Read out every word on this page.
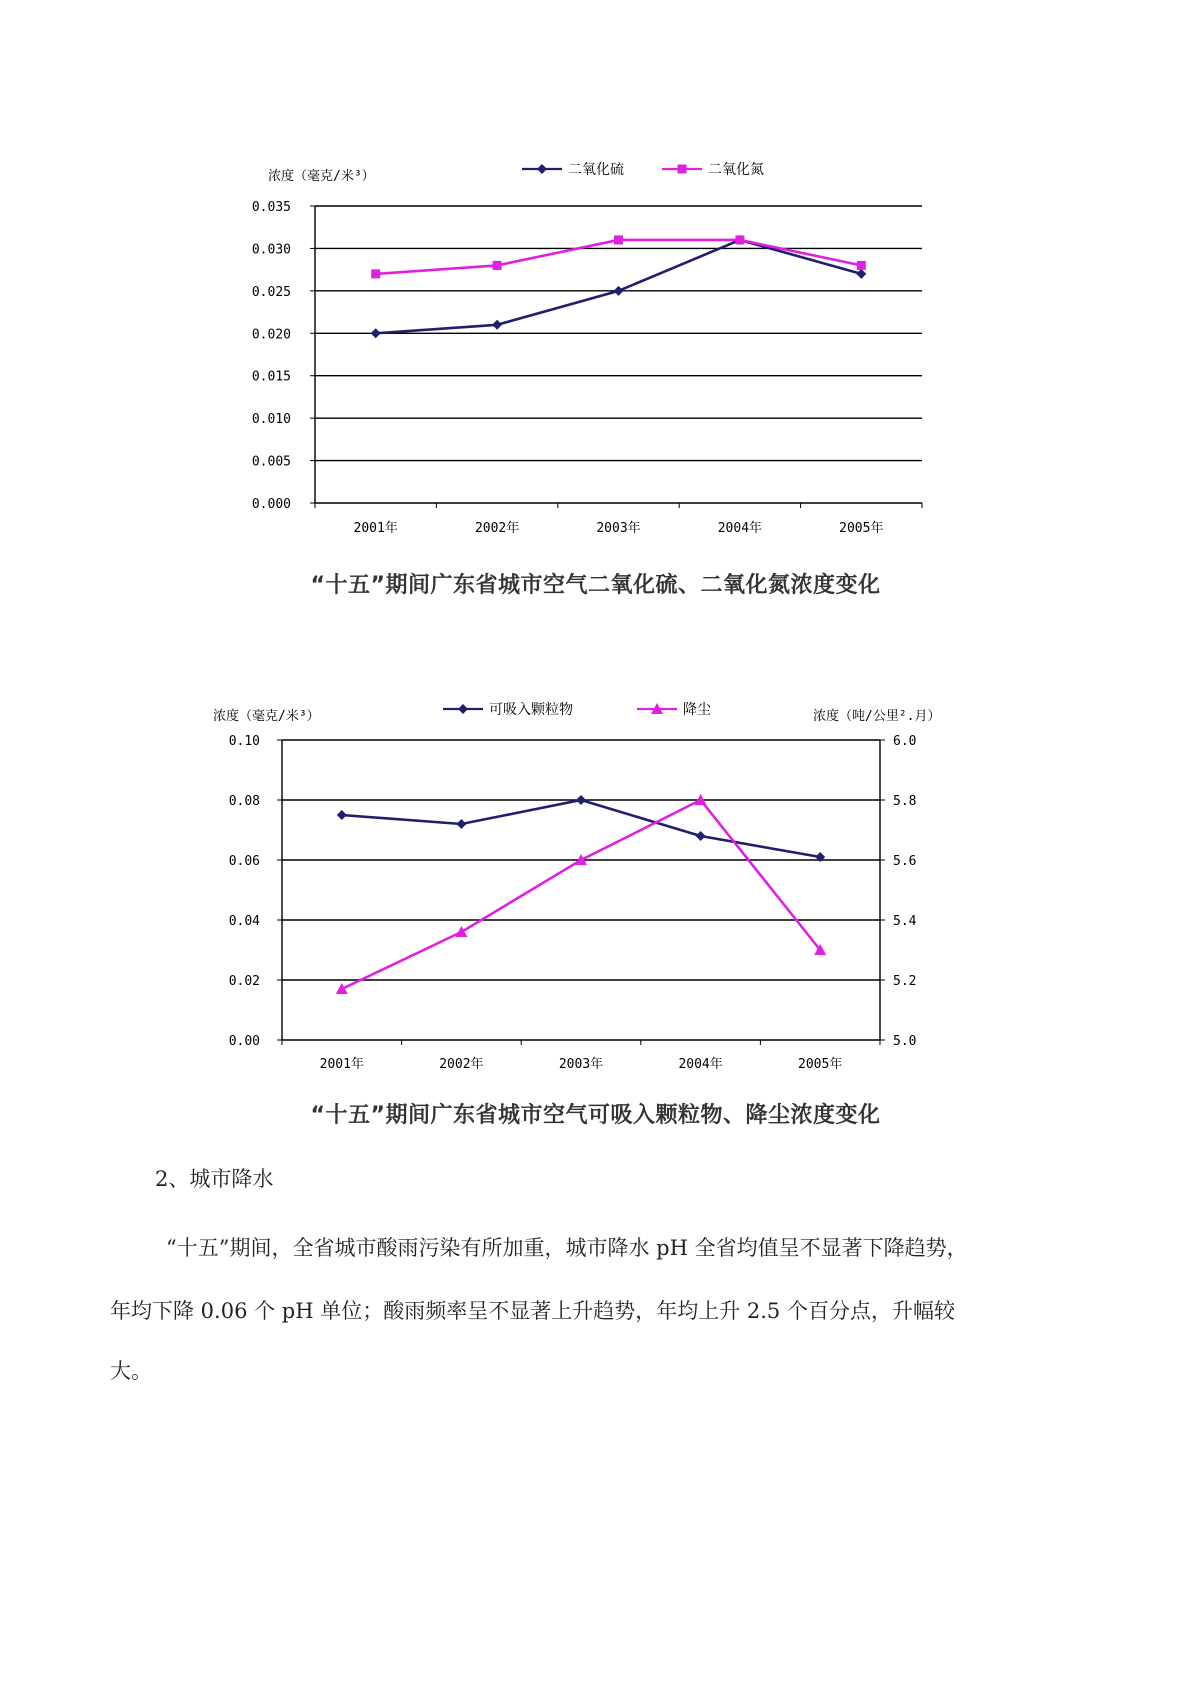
浓度（毫克/米³）
0.000
0.005
0.010
0.015
0.020
0.025
0.030
0.035
2001年	2002年	2003年	2004年	2005年
二氧化硫	二氧化氮
“十五”期间广东省城市空气二氧化硫、二氧化氮浓度变化
浓度（毫克/米³）	浓度（吨/公里².月）
0.00
0.02
0.04
0.06
0.08
0.10
5.0
5.2
5.4
5.6
5.8
6.0
2001年	2002年	2003年	2004年	2005年
可吸入颗粒物	降尘
“十五”期间广东省城市空气可吸入颗粒物、降尘浓度变化
2、城市降水
“十五”期间，全省城市酸雨污染有所加重，城市降水 pH 全省均值呈不显著下降趋势，
年均下降 0.06 个 pH 单位；酸雨频率呈不显著上升趋势，年均上升 2.5 个百分点，升幅较
大。
